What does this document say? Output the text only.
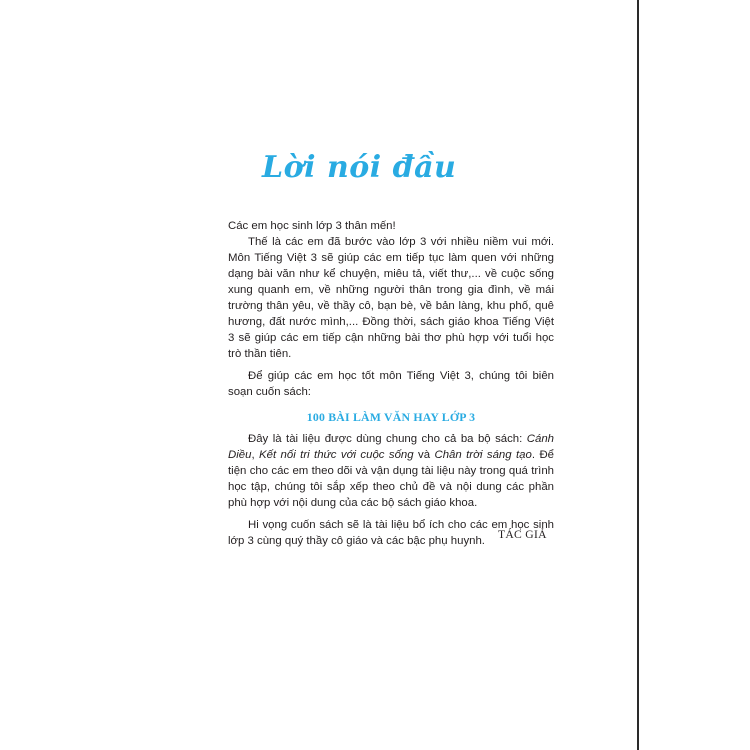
Lời nói đầu

Các em học sinh lớp 3 thân mến!

Thế là các em đã bước vào lớp 3 với nhiều niềm vui mới. Môn Tiếng Việt 3 sẽ giúp các em tiếp tục làm quen với những dạng bài văn như kể chuyện, miêu tả, viết thư,... về cuộc sống xung quanh em, về những người thân trong gia đình, về mái trường thân yêu, về thầy cô, bạn bè, về bản làng, khu phố, quê hương, đất nước mình,... Đồng thời, sách giáo khoa Tiếng Việt 3 sẽ giúp các em tiếp cận những bài thơ phù hợp với tuổi học trò thần tiên.

Để giúp các em học tốt môn Tiếng Việt 3, chúng tôi biên soạn cuốn sách:

100 BÀI LÀM VĂN HAY LỚP 3

Đây là tài liệu được dùng chung cho cả ba bộ sách: Cánh Diều, Kết nối tri thức với cuộc sống và Chân trời sáng tạo. Để tiện cho các em theo dõi và vận dụng tài liệu này trong quá trình học tập, chúng tôi sắp xếp theo chủ đề và nội dung các phần phù hợp với nội dung của các bộ sách giáo khoa.

Hi vọng cuốn sách sẽ là tài liệu bổ ích cho các em học sinh lớp 3 cùng quý thầy cô giáo và các bậc phụ huynh.	TÁC GIẢ
